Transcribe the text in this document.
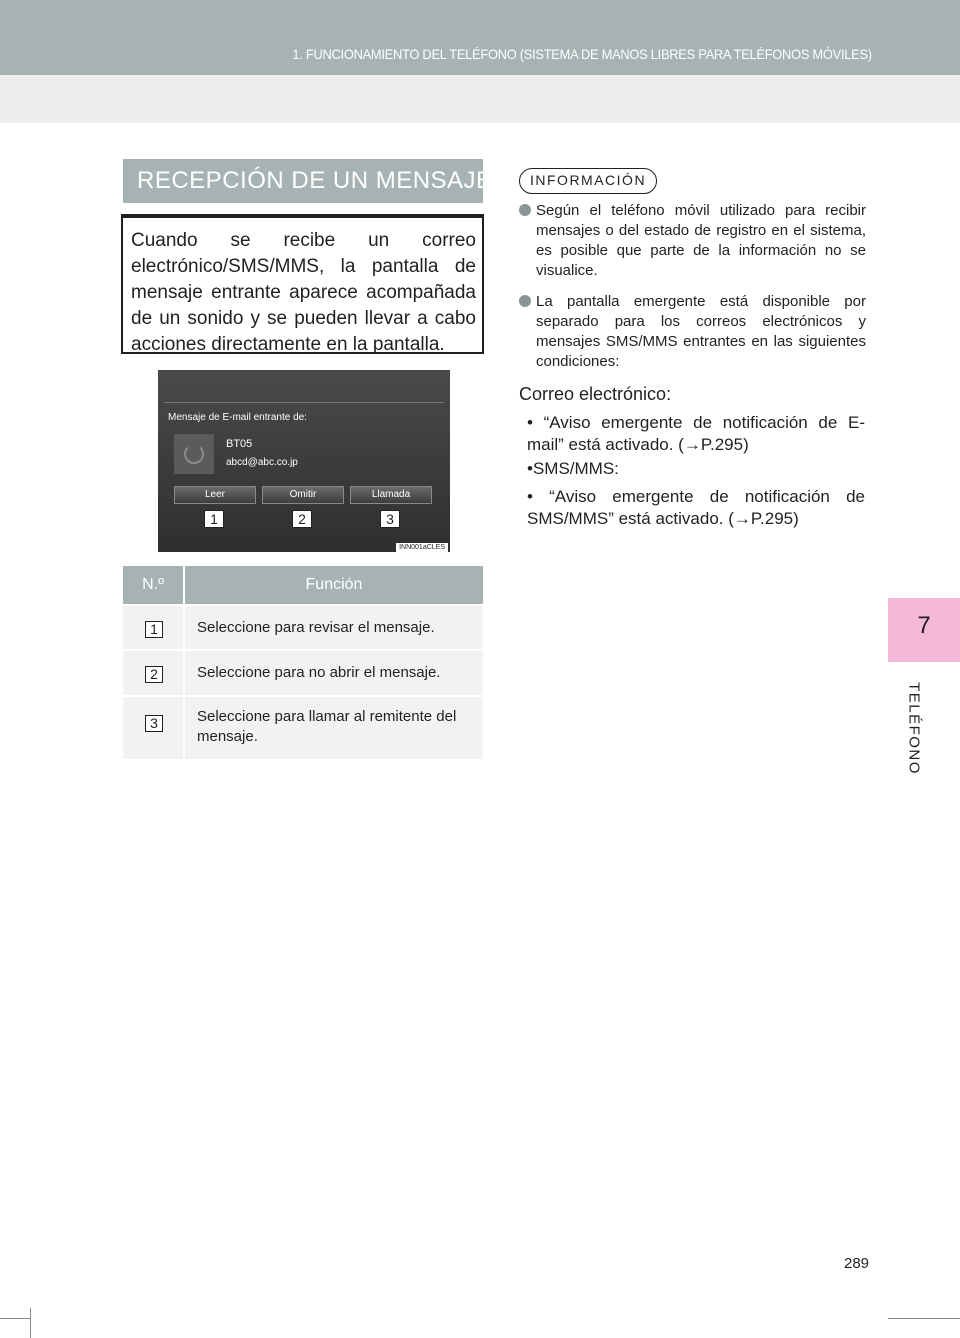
1. FUNCIONAMIENTO DEL TELÉFONO (SISTEMA DE MANOS LIBRES PARA TELÉFONOS MÓVILES)
7
TELÉFONO
RECEPCIÓN DE UN MENSAJE
Cuando se recibe un correo electrónico/SMS/MMS, la pantalla de mensaje entrante aparece acompañada de un sonido y se pueden llevar a cabo acciones directamente en la pantalla.
Mensaje de E-mail entrante de:
BT05
abcd@abc.co.jp
Leer	Omitir	Llamada
1	2	3
INN001aCLES
N.º	Función
1	Seleccione para revisar el mensaje.
2	Seleccione para no abrir el mensaje.
3	Seleccione para llamar al remitente del mensaje.
INFORMACIÓN
Según el teléfono móvil utilizado para recibir mensajes o del estado de registro en el sistema, es posible que parte de la información no se visualice.
La pantalla emergente está disponible por separado para los correos electrónicos y mensajes SMS/MMS entrantes en las siguientes condiciones:
Correo electrónico:
• “Aviso emergente de notificación de E-mail” está activado. (→P.295)
•SMS/MMS:
• “Aviso emergente de notificación de SMS/MMS” está activado. (→P.295)
289
